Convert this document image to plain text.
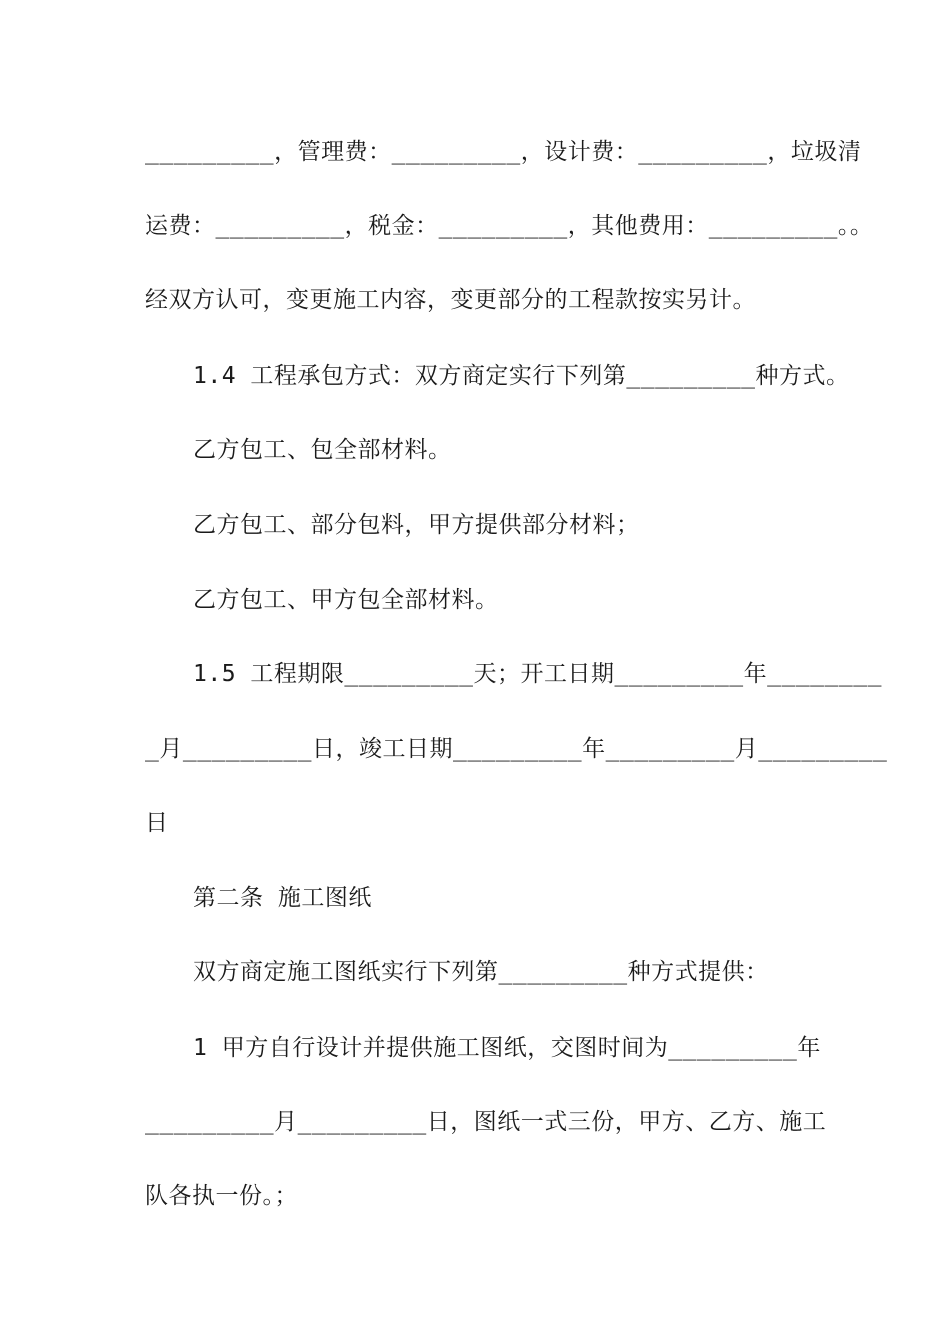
_________，管理费：_________，设计费：_________，垃圾清
运费：_________，税金：_________，其他费用：_________。。
经双方认可，变更施工内容，变更部分的工程款按实另计。
1.4 工程承包方式：双方商定实行下列第_________种方式。
乙方包工、包全部材料。
乙方包工、部分包料，甲方提供部分材料；
乙方包工、甲方包全部材料。
1.5 工程期限_________天；开工日期_________年________
_月_________日，竣工日期_________年_________月_________
日
第二条 施工图纸
双方商定施工图纸实行下列第_________种方式提供：
1 甲方自行设计并提供施工图纸，交图时间为_________年
_________月_________日，图纸一式三份，甲方、乙方、施工
队各执一份。；
